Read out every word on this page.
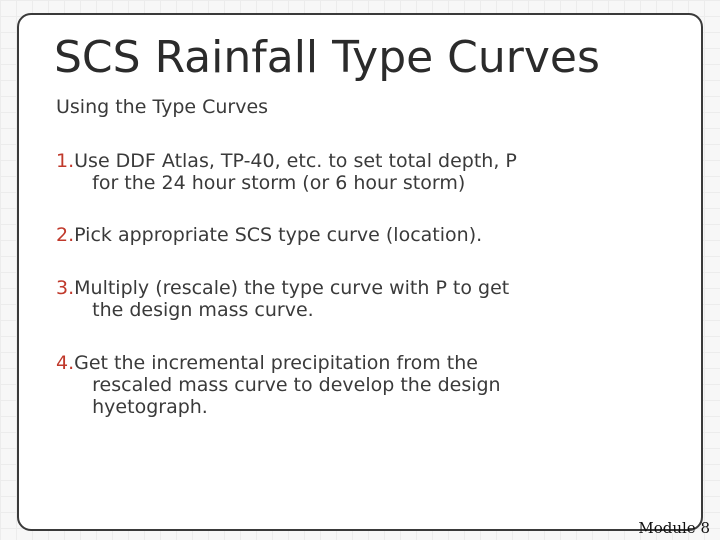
SCS Rainfall Type Curves

Using the Type Curves

1. Use DDF Atlas, TP-40, etc. to set total depth, P
for the 24 hour storm (or 6 hour storm)
2. Pick appropriate SCS type curve (location).
3. Multiply (rescale) the type curve with P to get
the design mass curve.
4. Get the incremental precipitation from the
rescaled mass curve to develop the design
hyetograph.
Module 8
